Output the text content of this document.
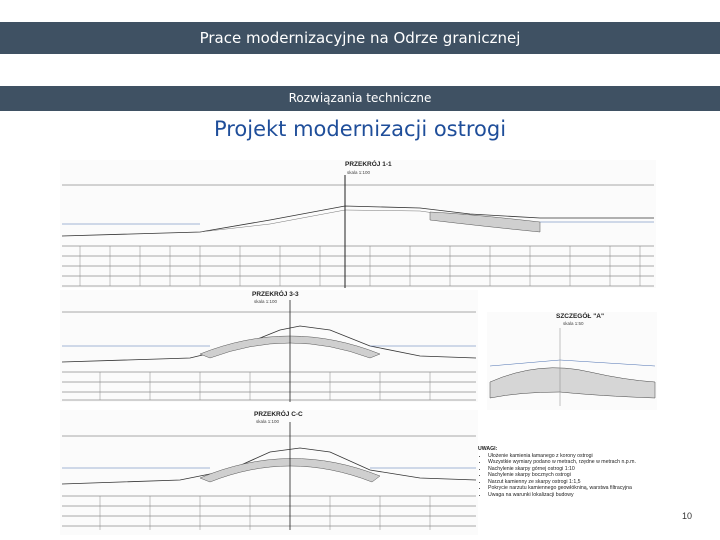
Prace modernizacyjne na Odrze granicznej
Rozwiązania techniczne
Projekt modernizacji ostrogi
PRZEKRÓJ 1-1
skala 1:100
PRZEKRÓJ 3-3
skala 1:100
SZCZEGÓŁ "A"
skala 1:50
PRZEKRÓJ C-C
skala 1:100
UWAGI:
• Ułożenie kamienia łamanego z korony ostrogi
• Wszystkie wymiary podano w metrach, rzędne w metrach n.p.m.
• Nachylenie skarpy górnej ostrogi 1:10
• Nachylenie skarpy bocznych ostrogi
• Narzut kamienny ze skarpy ostrogi 1:1,5
• Pokrycie narzutu kamiennego geowłókniną, warstwa filtracyjna
• Uwaga na warunki lokalizacji budowy
10
